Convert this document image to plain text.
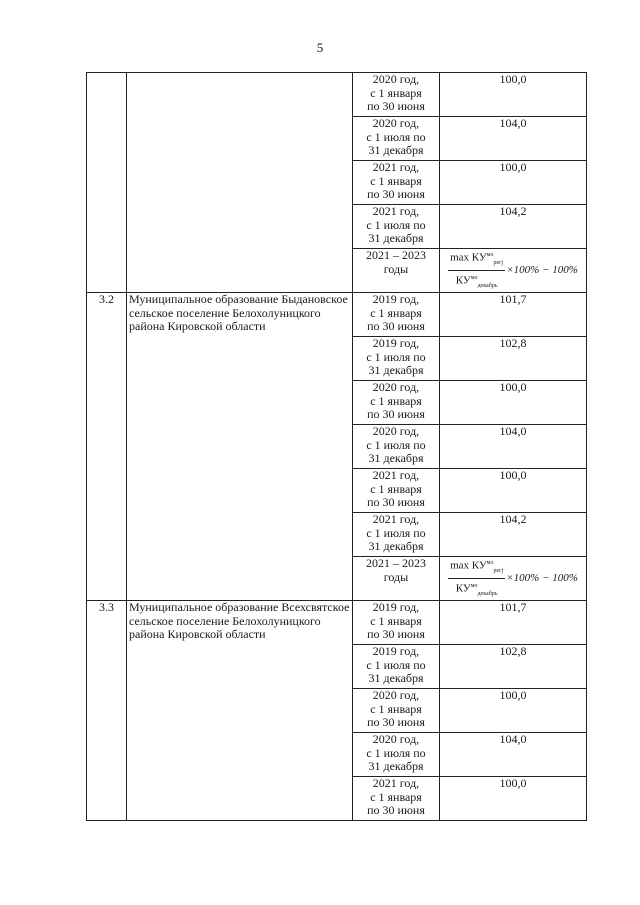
5
		2020 год,
с 1 января
по 30 июня	100,0
		2020 год,
с 1 июля по
31 декабря	104,0
		2021 год,
с 1 января
по 30 июня	100,0
		2021 год,
с 1 июля по
31 декабря	104,2
		2021 – 2023
годы	$\frac{\max КУ^{мо}_{pегj}}{КУ^{мо}_{декабрь}} \times 100\% - 100\%$

3.2	Муниципальное образование Быдановское сельское поселение Белохолуницкого района Кировской области	2019 год,
с 1 января
по 30 июня	101,7
		2019 год,
с 1 июля по
31 декабря	102,8
		2020 год,
с 1 января
по 30 июня	100,0
		2020 год,
с 1 июля по
31 декабря	104,0
		2021 год,
с 1 января
по 30 июня	100,0
		2021 год,
с 1 июля по
31 декабря	104,2
		2021 – 2023
годы	$\frac{\max КУ^{мо}_{pегj}}{КУ^{мо}_{декабрь}} \times 100\% - 100\%$

3.3	Муниципальное образование Всехсвятское сельское поселение Белохолуницкого района Кировской области	2019 год,
с 1 января
по 30 июня	101,7
		2019 год,
с 1 июля по
31 декабря	102,8
		2020 год,
с 1 января
по 30 июня	100,0
		2020 год,
с 1 июля по
31 декабря	104,0
		2021 год,
с 1 января
по 30 июня	100,0
